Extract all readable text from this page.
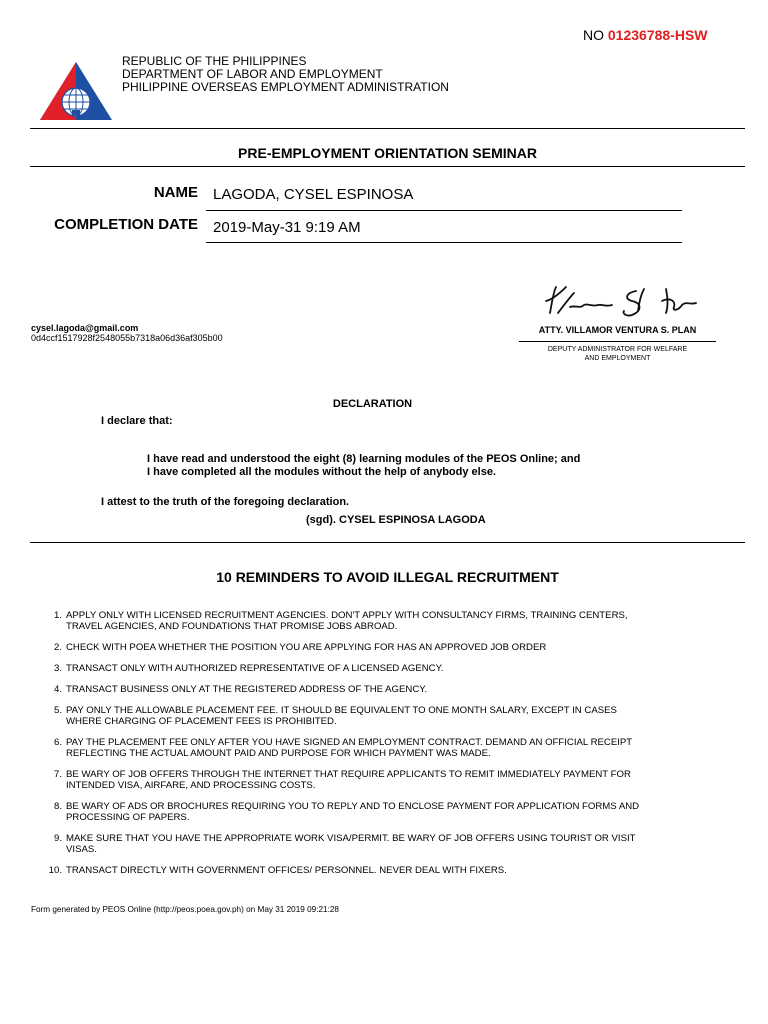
NO 01236788-HSW
REPUBLIC OF THE PHILIPPINES
DEPARTMENT OF LABOR AND EMPLOYMENT
PHILIPPINE OVERSEAS EMPLOYMENT ADMINISTRATION
PRE-EMPLOYMENT ORIENTATION SEMINAR
NAME LAGODA, CYSEL ESPINOSA
COMPLETION DATE 2019-May-31 9:19 AM
cysel.lagoda@gmail.com
0d4ccf1517928f2548055b7318a06d36af305b00
ATTY. VILLAMOR VENTURA S. PLAN
DEPUTY ADMINISTRATOR FOR WELFARE
AND EMPLOYMENT
DECLARATION
I declare that:
I have read and understood the eight (8) learning modules of the PEOS Online; and
I have completed all the modules without the help of anybody else.
I attest to the truth of the foregoing declaration.
(sgd). CYSEL ESPINOSA LAGODA
10 REMINDERS TO AVOID ILLEGAL RECRUITMENT
1. APPLY ONLY WITH LICENSED RECRUITMENT AGENCIES. DON'T APPLY WITH CONSULTANCY FIRMS, TRAINING CENTERS,
TRAVEL AGENCIES, AND FOUNDATIONS THAT PROMISE JOBS ABROAD.
2. CHECK WITH POEA WHETHER THE POSITION YOU ARE APPLYING FOR HAS AN APPROVED JOB ORDER
3. TRANSACT ONLY WITH AUTHORIZED REPRESENTATIVE OF A LICENSED AGENCY.
4. TRANSACT BUSINESS ONLY AT THE REGISTERED ADDRESS OF THE AGENCY.
5. PAY ONLY THE ALLOWABLE PLACEMENT FEE. IT SHOULD BE EQUIVALENT TO ONE MONTH SALARY, EXCEPT IN CASES
WHERE CHARGING OF PLACEMENT FEES IS PROHIBITED.
6. PAY THE PLACEMENT FEE ONLY AFTER YOU HAVE SIGNED AN EMPLOYMENT CONTRACT. DEMAND AN OFFICIAL RECEIPT
REFLECTING THE ACTUAL AMOUNT PAID AND PURPOSE FOR WHICH PAYMENT WAS MADE.
7. BE WARY OF JOB OFFERS THROUGH THE INTERNET THAT REQUIRE APPLICANTS TO REMIT IMMEDIATELY PAYMENT FOR
INTENDED VISA, AIRFARE, AND PROCESSING COSTS.
8. BE WARY OF ADS OR BROCHURES REQUIRING YOU TO REPLY AND TO ENCLOSE PAYMENT FOR APPLICATION FORMS AND
PROCESSING OF PAPERS.
9. MAKE SURE THAT YOU HAVE THE APPROPRIATE WORK VISA/PERMIT. BE WARY OF JOB OFFERS USING TOURIST OR VISIT
VISAS.
10. TRANSACT DIRECTLY WITH GOVERNMENT OFFICES/ PERSONNEL. NEVER DEAL WITH FIXERS.
Form generated by PEOS Online (http://peos.poea.gov.ph) on May 31 2019 09:21:28
